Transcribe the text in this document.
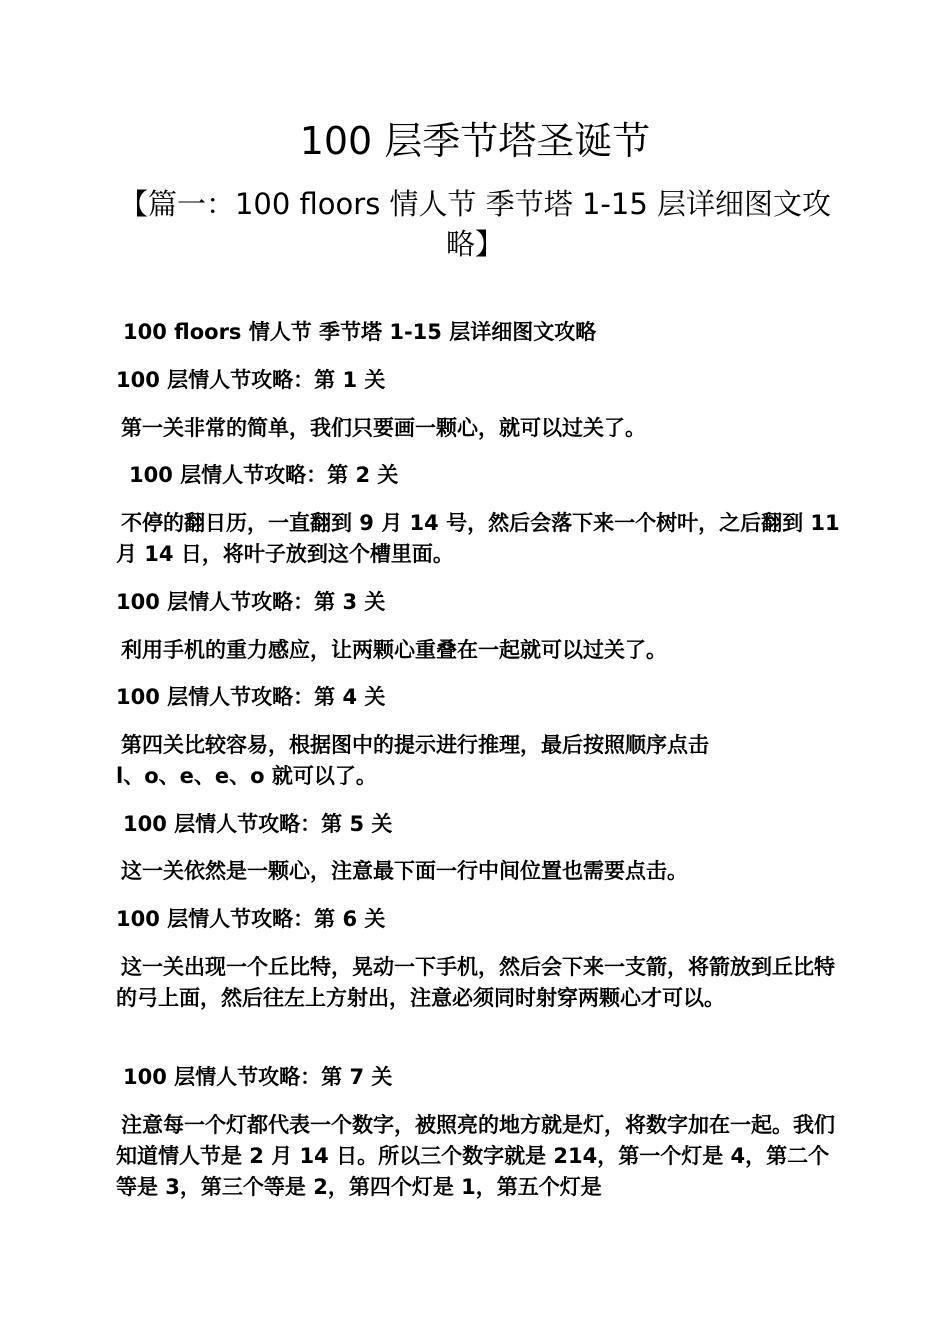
100 层季节塔圣诞节
【篇一：100 floors 情人节 季节塔 1-15 层详细图文攻略】

100 floors 情人节 季节塔 1-15 层详细图文攻略

100 层情人节攻略：第 1 关

第一关非常的简单，我们只要画一颗心，就可以过关了。

100 层情人节攻略：第 2 关

不停的翻日历，一直翻到 9 月 14 号，然后会落下来一个树叶，之后翻到 11 月 14 日，将叶子放到这个槽里面。

100 层情人节攻略：第 3 关

利用手机的重力感应，让两颗心重叠在一起就可以过关了。

100 层情人节攻略：第 4 关

第四关比较容易，根据图中的提示进行推理，最后按照顺序点击

l、o、e、e、o 就可以了。

100 层情人节攻略：第 5 关

这一关依然是一颗心，注意最下面一行中间位置也需要点击。

100 层情人节攻略：第 6 关

这一关出现一个丘比特，晃动一下手机，然后会下来一支箭，将箭放到丘比特的弓上面，然后往左上方射出，注意必须同时射穿两颗心才可以。

100 层情人节攻略：第 7 关

注意每一个灯都代表一个数字，被照亮的地方就是灯，将数字加在一起。我们知道情人节是 2 月 14 日。所以三个数字就是 214，第一个灯是 4，第二个等是 3，第三个等是 2，第四个灯是 1，第五个灯是
